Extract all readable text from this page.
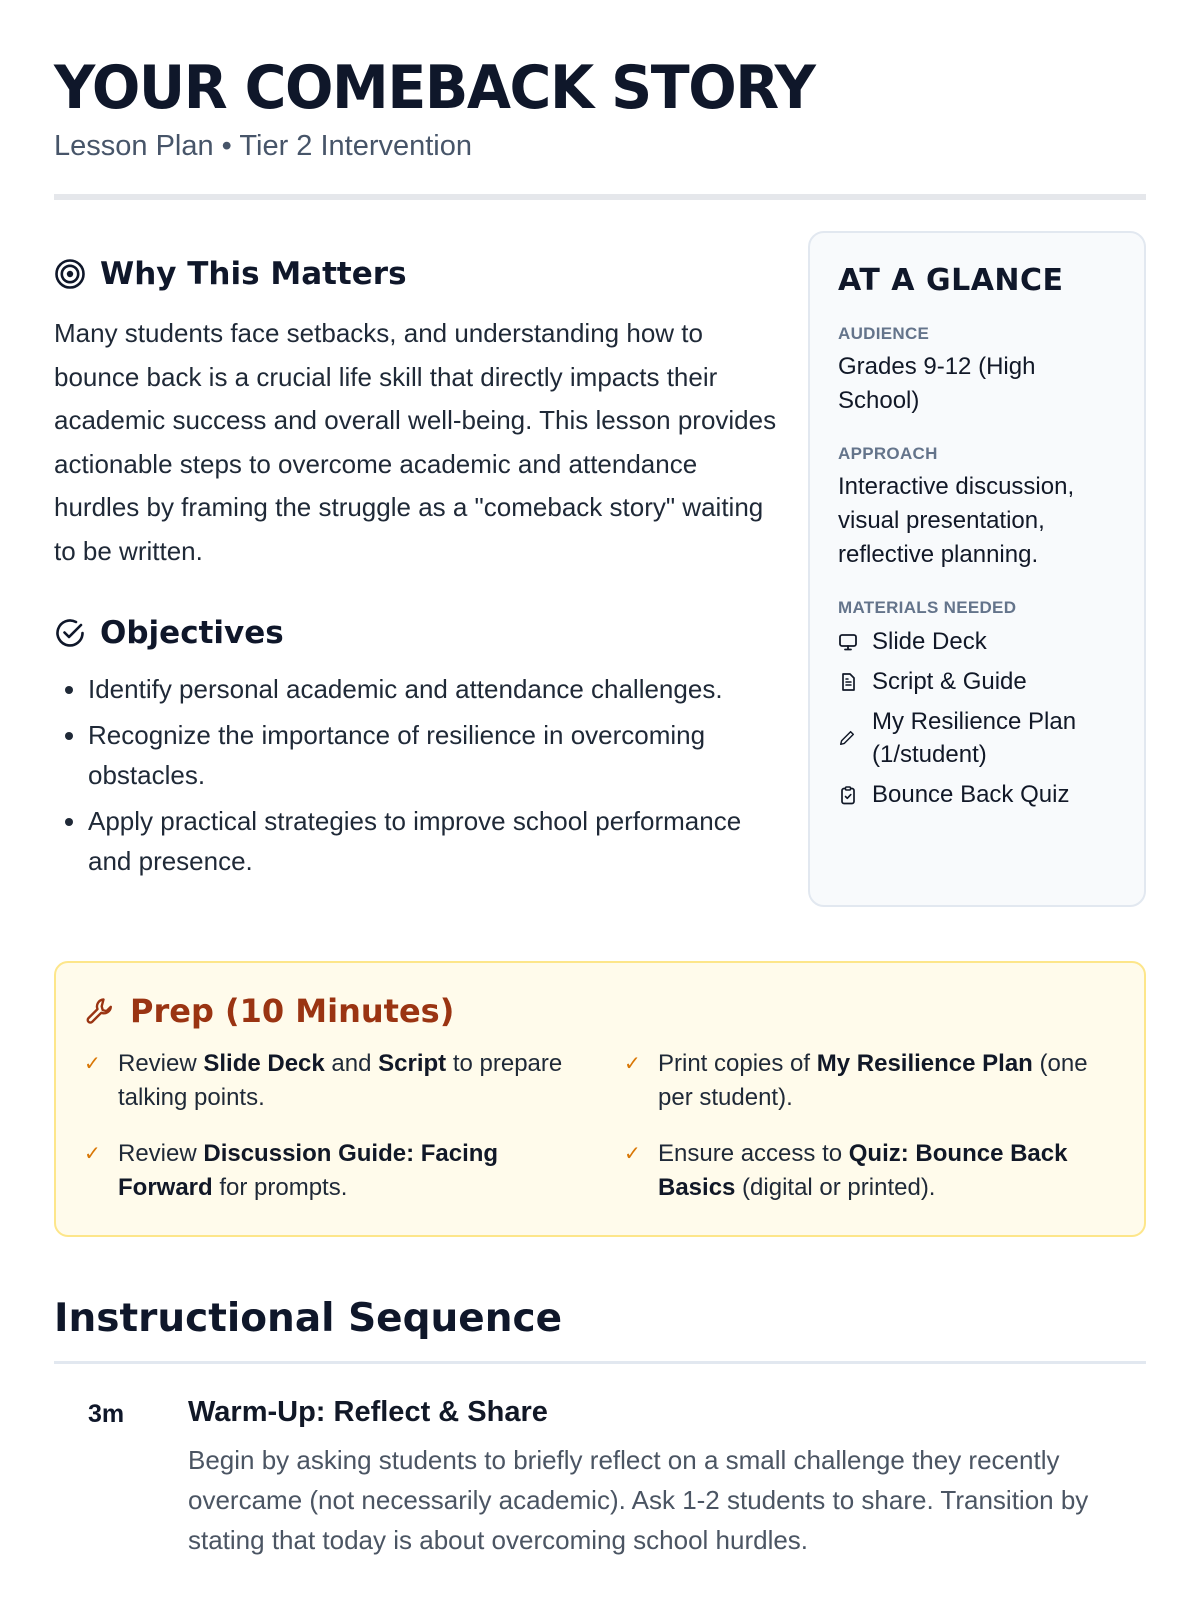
YOUR COMEBACK STORY
Lesson Plan • Tier 2 Intervention
Why This Matters
Many students face setbacks, and understanding how to bounce back is a crucial life skill that directly impacts their academic success and overall well-being. This lesson provides actionable steps to overcome academic and attendance hurdles by framing the struggle as a "comeback story" waiting to be written.
Objectives
• Identify personal academic and attendance challenges.
• Recognize the importance of resilience in overcoming obstacles.
• Apply practical strategies to improve school performance and presence.
AT A GLANCE
AUDIENCE
Grades 9-12 (High School)
APPROACH
Interactive discussion, visual presentation, reflective planning.
MATERIALS NEEDED
Slide Deck
Script & Guide
My Resilience Plan (1/student)
Bounce Back Quiz
Prep (10 Minutes)
✓ Review Slide Deck and Script to prepare talking points.
✓ Print copies of My Resilience Plan (one per student).
✓ Review Discussion Guide: Facing Forward for prompts.
✓ Ensure access to Quiz: Bounce Back Basics (digital or printed).
Instructional Sequence
3m	Warm-Up: Reflect & Share
Begin by asking students to briefly reflect on a small challenge they recently overcame (not necessarily academic). Ask 1-2 students to share. Transition by stating that today is about overcoming school hurdles.
